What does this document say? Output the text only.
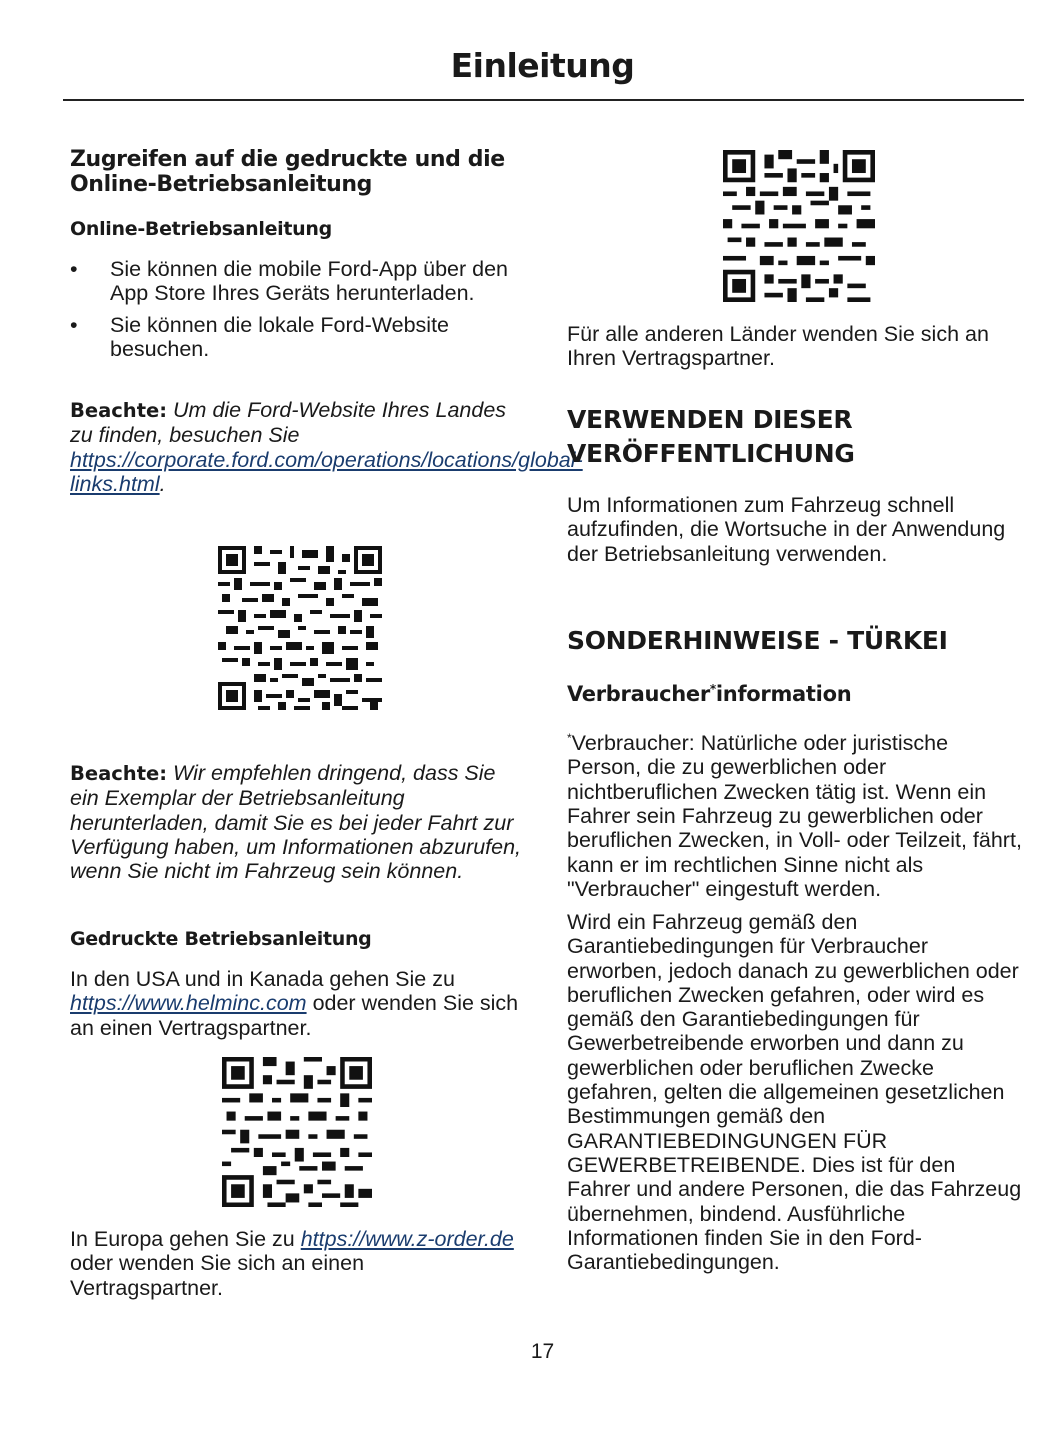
Einleitung
Zugreifen auf die gedruckte und die Online-Betriebsanleitung
Online-Betriebsanleitung
• Sie können die mobile Ford-App über den App Store Ihres Geräts herunterladen.
• Sie können die lokale Ford-Website besuchen.

Beachte: Um die Ford-Website Ihres Landes zu finden, besuchen Sie https://corporate.ford.com/operations/locations/global-links.html.

Beachte: Wir empfehlen dringend, dass Sie ein Exemplar der Betriebsanleitung herunterladen, damit Sie es bei jeder Fahrt zur Verfügung haben, um Informationen abzurufen, wenn Sie nicht im Fahrzeug sein können.

Gedruckte Betriebsanleitung

In den USA und in Kanada gehen Sie zu https://www.helminc.com oder wenden Sie sich an einen Vertragspartner.

In Europa gehen Sie zu https://www.z-order.de oder wenden Sie sich an einen Vertragspartner.

Für alle anderen Länder wenden Sie sich an Ihren Vertragspartner.

VERWENDEN DIESER VERÖFFENTLICHUNG

Um Informationen zum Fahrzeug schnell aufzufinden, die Wortsuche in der Anwendung der Betriebsanleitung verwenden.

SONDERHINWEISE - TÜRKEI
Verbraucher*information

*Verbraucher: Natürliche oder juristische Person, die zu gewerblichen oder nichtberuflichen Zwecken tätig ist. Wenn ein Fahrer sein Fahrzeug zu gewerblichen oder beruflichen Zwecken, in Voll- oder Teilzeit, fährt, kann er im rechtlichen Sinne nicht als "Verbraucher" eingestuft werden.

Wird ein Fahrzeug gemäß den Garantiebedingungen für Verbraucher erworben, jedoch danach zu gewerblichen oder beruflichen Zwecken gefahren, oder wird es gemäß den Garantiebedingungen für Gewerbetreibende erworben und dann zu gewerblichen oder beruflichen Zwecke gefahren, gelten die allgemeinen gesetzlichen Bestimmungen gemäß den GARANTIEBEDINGUNGEN FÜR GEWERBETREIBENDE. Dies ist für den Fahrer und andere Personen, die das Fahrzeug übernehmen, bindend. Ausführliche Informationen finden Sie in den Ford-Garantiebedingungen.

17
